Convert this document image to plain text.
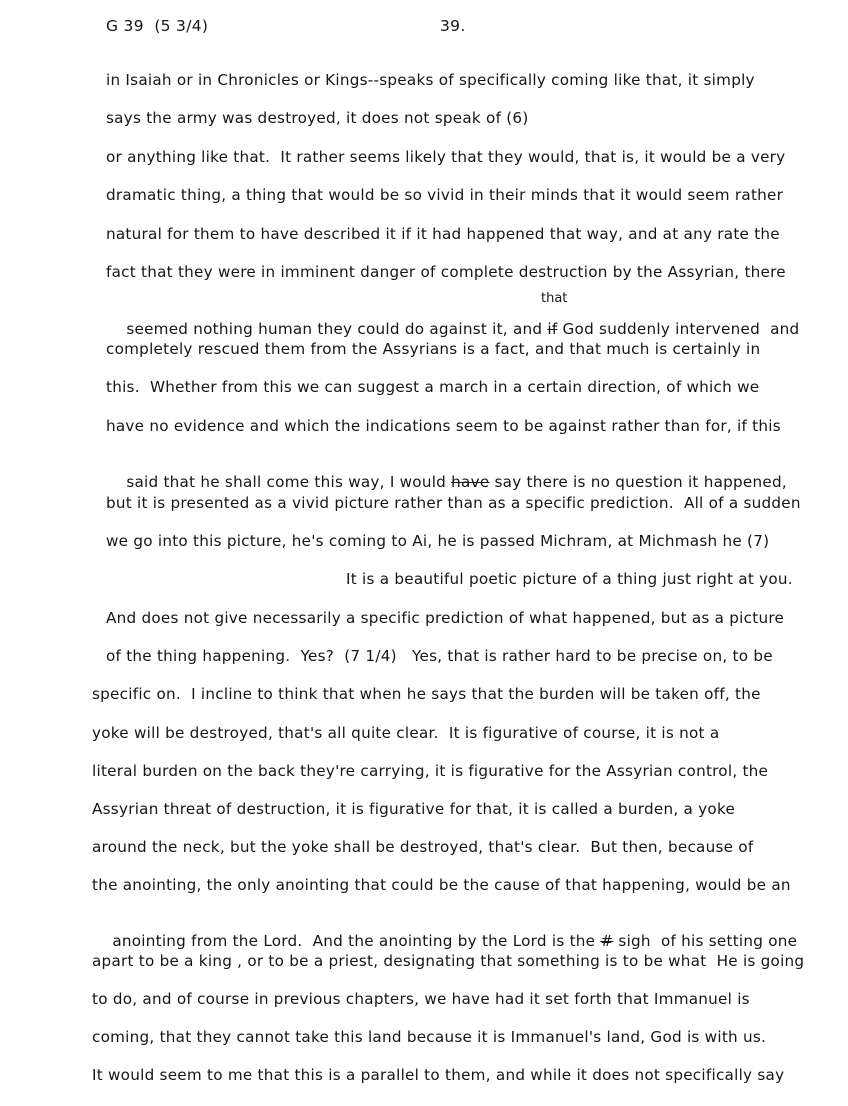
G 39  (5 3/4)	39.
in Isaiah or in Chronicles or Kings--speaks of specifically coming like that, it simply
says the army was destroyed, it does not speak of (6)
or anything like that.  It rather seems likely that they would, that is, it would be a very
dramatic thing, a thing that would be so vivid in their minds that it would seem rather
natural for them to have described it if it had happened that way, and at any rate the
fact that they were in imminent danger of complete destruction by the Assyrian, there

seemed nothing human they could do against it, and if God suddenly intervened  and

that
completely rescued them from the Assyrians is a fact, and that much is certainly in
this.  Whether from this we can suggest a march in a certain direction, of which we
have no evidence and which the indications seem to be against rather than for, if this

said that he shall come this way, I would have say there is no question it happened,

but it is presented as a vivid picture rather than as a specific prediction.  All of a sudden
we go into this picture, he's coming to Ai, he is passed Michram, at Michmash he (7)
It is a beautiful poetic picture of a thing just right at you.
And does not give necessarily a specific prediction of what happened, but as a picture
of the thing happening.  Yes?  (7 1/4)   Yes, that is rather hard to be precise on, to be
specific on.  I incline to think that when he says that the burden will be taken off, the
yoke will be destroyed, that's all quite clear.  It is figurative of course, it is not a
literal burden on the back they're carrying, it is figurative for the Assyrian control, the
Assyrian threat of destruction, it is figurative for that, it is called a burden, a yoke
around the neck, but the yoke shall be destroyed, that's clear.  But then, because of
the anointing, the only anointing that could be the cause of that happening, would be an

anointing from the Lord.  And the anointing by the Lord is the # sigh  of his setting one

apart to be a king , or to be a priest, designating that something is to be what  He is going
to do, and of course in previous chapters, we have had it set forth that Immanuel is
coming, that they cannot take this land because it is Immanuel's land, God is with us.
It would seem to me that this is a parallel to them, and while it does not specifically say
